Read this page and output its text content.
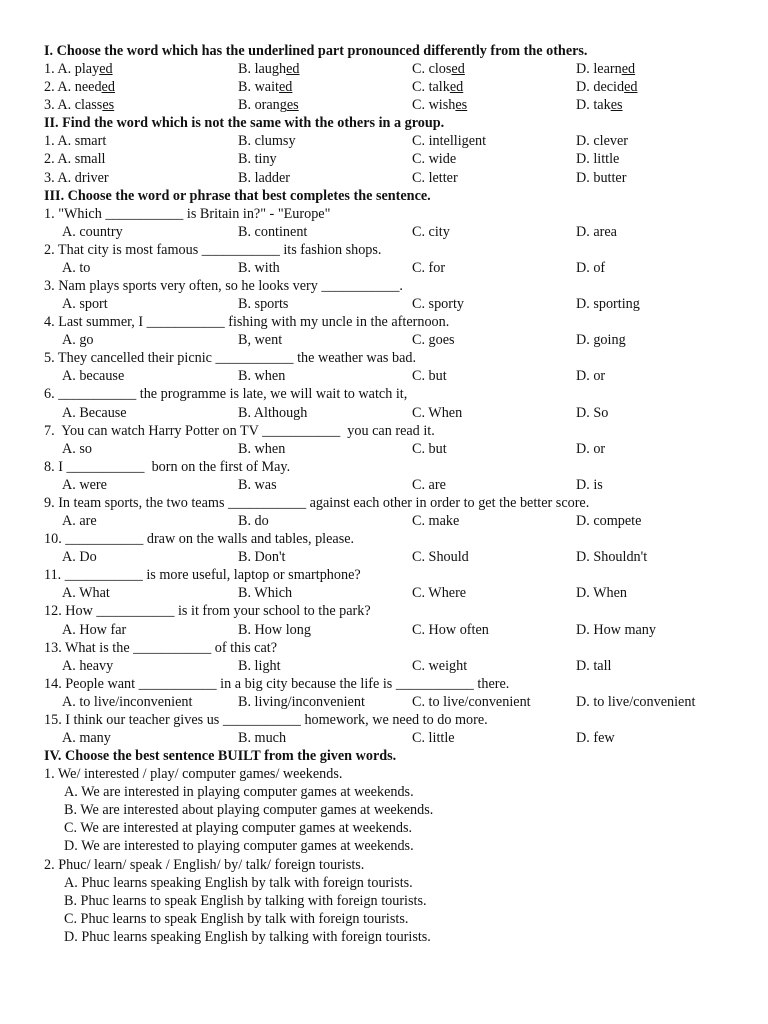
I. Choose the word which has the underlined part pronounced differently from the others.
1. A. played	B. laughed	C. closed	D. learned
2. A. needed	B. waited	C. talked	D. decided
3. A. classes	B. oranges	C. wishes	D. takes
II. Find the word which is not the same with the others in a group.
1. A. smart	B. clumsy	C. intelligent	D. clever
2. A. small	B. tiny	C. wide	D. little
3. A. driver	B. ladder	C. letter	D. butter
III. Choose the word or phrase that best completes the sentence.
1. "Which ___________ is Britain in?" - "Europe"
A. country	B. continent	C. city	D. area
2. That city is most famous ___________ its fashion shops.
A. to	B. with	C. for	D. of
3. Nam plays sports very often, so he looks very ___________.
A. sport	B. sports	C. sporty	D. sporting
4. Last summer, I ___________ fishing with my uncle in the afternoon.
A. go	B, went	C. goes	D. going
5. They cancelled their picnic ___________ the weather was bad.
A. because	B. when	C. but	D. or
6. ___________ the programme is late, we will wait to watch it,
A. Because	B. Although	C. When	D. So
7.  You can watch Harry Potter on TV ___________  you can read it.
A. so	B. when	C. but	D. or
8. I ___________  born on the first of May.
A. were	B. was	C. are	D. is
9. In team sports, the two teams ___________ against each other in order to get the better score.
A. are	B. do	C. make	D. compete
10. ___________ draw on the walls and tables, please.
A. Do	B. Don't	C. Should	D. Shouldn't
11. ___________ is more useful, laptop or smartphone?
A. What	B. Which	C. Where	D. When
12. How ___________ is it from your school to the park?
A. How far	B. How long	C. How often	D. How many
13. What is the ___________ of this cat?
A. heavy	B. light	C. weight	D. tall
14. People want ___________ in a big city because the life is ___________ there.
A. to live/inconvenient	B. living/inconvenient	C. to live/convenient	D. to live/convenient
15. I think our teacher gives us ___________ homework, we need to do more.
A. many	B. much	C. little	D. few
IV. Choose the best sentence BUILT from the given words.
1. We/ interested / play/ computer games/ weekends.
A. We are interested in playing computer games at weekends.
B. We are interested about playing computer games at weekends.
C. We are interested at playing computer games at weekends.
D. We are interested to playing computer games at weekends.
2. Phuc/ learn/ speak / English/ by/ talk/ foreign tourists.
A. Phuc learns speaking English by talk with foreign tourists.
B. Phuc learns to speak English by talking with foreign tourists.
C. Phuc learns to speak English by talk with foreign tourists.
D. Phuc learns speaking English by talking with foreign tourists.
